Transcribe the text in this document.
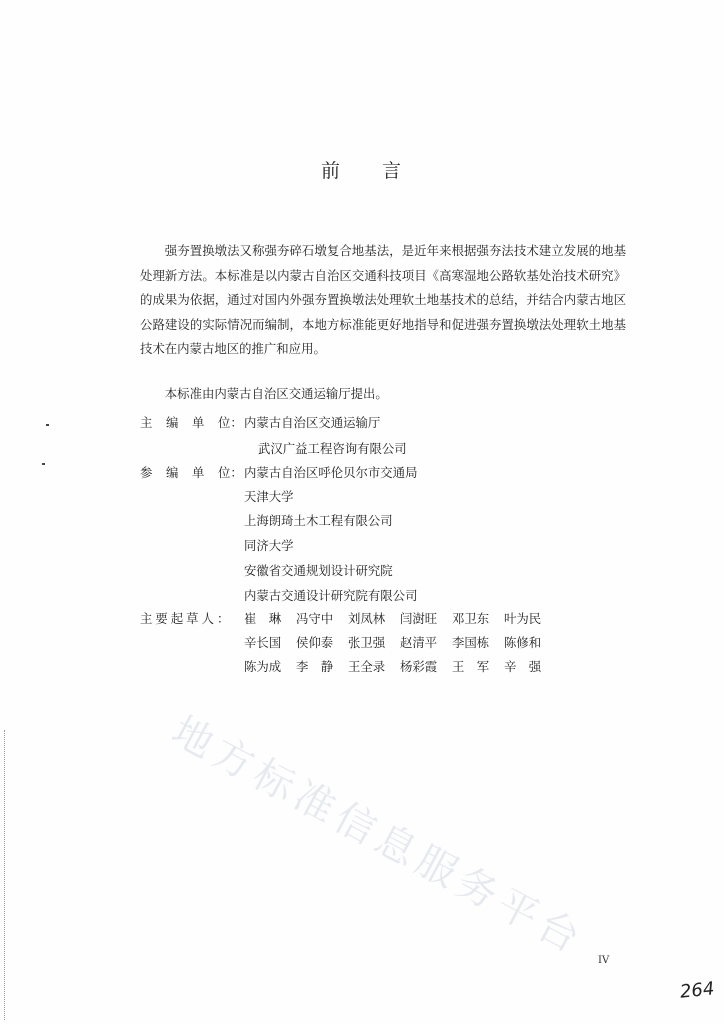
前 言

强夯置换墩法又称强夯碎石墩复合地基法，是近年来根据强夯法技术建立发展的地基处理新方法。本标准是以内蒙古自治区交通科技项目《高寒湿地公路软基处治技术研究》的成果为依据，通过对国内外强夯置换墩法处理软土地基技术的总结，并结合内蒙古地区公路建设的实际情况而编制，本地方标准能更好地指导和促进强夯置换墩法处理软土地基技术在内蒙古地区的推广和应用。

本标准由内蒙古自治区交通运输厅提出。

主 编 单 位：内蒙古自治区交通运输厅
武汉广益工程咨询有限公司
参 编 单 位：内蒙古自治区呼伦贝尔市交通局
天津大学
上海朗琦土木工程有限公司
同济大学
安徽省交通规划设计研究院
内蒙古交通设计研究院有限公司
主要起草人： 崔　琳 冯守中 刘凤林 闫澍旺 邓卫东 叶为民
辛长国 侯仰泰 张卫强 赵清平 李国栋 陈修和
陈为成 李　静 王全录 杨彩霞 王　军 辛　强
地方标准信息服务平台 IV
264
